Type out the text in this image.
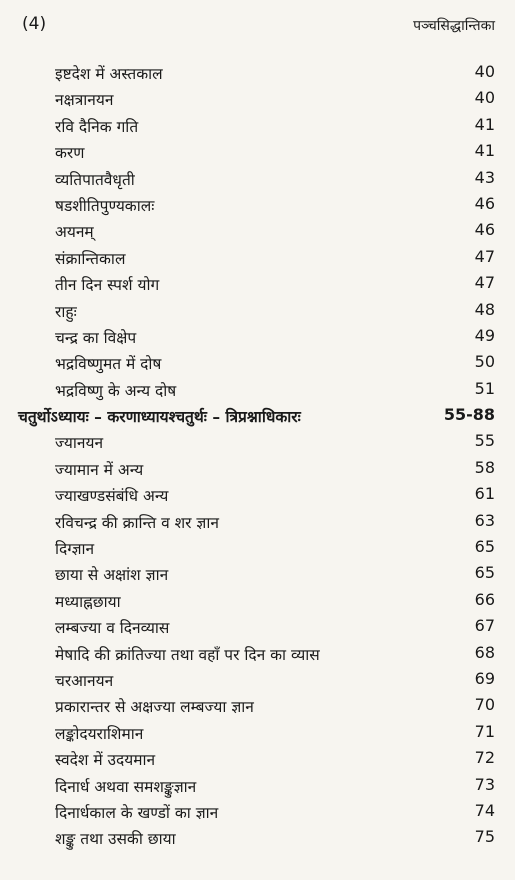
(4)	पञ्चसिद्धान्तिका
इष्टदेश में अस्तकाल	40
नक्षत्रानयन	40
रवि दैनिक गति	41
करण	41
व्यतिपातवैधृती	43
षडशीतिपुण्यकालः	46
अयनम्	46
संक्रान्तिकाल	47
तीन दिन स्पर्श योग	47
राहुः	48
चन्द्र का विक्षेप	49
भद्रविष्णुमत में दोष	50
भद्रविष्णु के अन्य दोष	51
चतुर्थोऽध्यायः – करणाध्यायश्चतुर्थः – त्रिप्रश्नाधिकारः	55-88
ज्यानयन	55
ज्यामान में अन्य	58
ज्याखण्डसंबंधि अन्य	61
रविचन्द्र की क्रान्ति व शर ज्ञान	63
दिग्ज्ञान	65
छाया से अक्षांश ज्ञान	65
मध्याह्नछाया	66
लम्बज्या व दिनव्यास	67
मेषादि की क्रांतिज्या तथा वहाँ पर दिन का व्यास	68
चरआनयन	69
प्रकारान्तर से अक्षज्या लम्बज्या ज्ञान	70
लङ्कोदयराशिमान	71
स्वदेश में उदयमान	72
दिनार्ध अथवा समशङ्कुज्ञान	73
दिनार्धकाल के खण्डों का ज्ञान	74
शङ्कु तथा उसकी छाया	75
